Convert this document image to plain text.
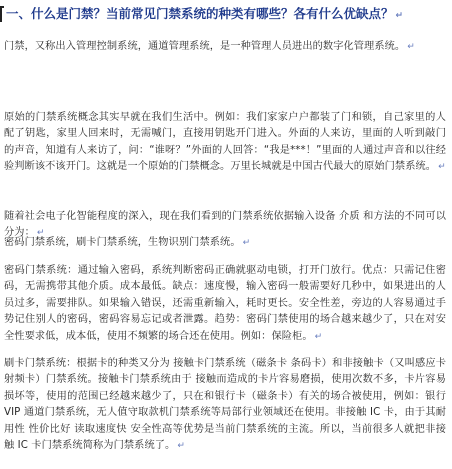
一、什么是门禁？当前常见门禁系统的种类有哪些？各有什么优缺点？ ↵
门禁，又称出入管理控制系统，通道管理系统，是一种管理人员进出的数字化管理系统。 ↵
原始的门禁系统概念其实早就在我们生活中。例如：我们家家户户都装了门和锁，自己家里的人配了钥匙，家里人回来时，无需喊门，直接用钥匙开门进入。外面的人来访，里面的人听到敲门的声音，知道有人来访了，问：“谁呀？”外面的人回答：“我是***！”里面的人通过声音和以往经验判断该不该开门。这就是一个原始的门禁概念。万里长城就是中国古代最大的原始门禁系统。 ↵
随着社会电子化智能程度的深入，现在我们看到的门禁系统依据输入设备 介质 和方法的不同可以分为： ↵
密码门禁系统，刷卡门禁系统，生物识别门禁系统。 ↵
密码门禁系统：通过输入密码，系统判断密码正确就驱动电锁，打开门放行。优点：只需记住密码，无需携带其他介质。成本最低。缺点：速度慢，输入密码一般需要好几秒中，如果进出的人员过多，需要排队。如果输入错误，还需重新输入，耗时更长。安全性差，旁边的人容易通过手势记住别人的密码，密码容易忘记或者泄露。趋势：密码门禁使用的场合越来越少了，只在对安全性要求低，成本低，使用不频繁的场合还在使用。例如：保险柜。 ↵
刷卡门禁系统：根据卡的种类又分为 接触卡门禁系统（磁条卡 条码卡）和非接触卡（又叫感应卡 射频卡）门禁系统。接触卡门禁系统由于 接触而造成的卡片容易磨损，使用次数不多，卡片容易损坏等，使用的范围已经越来越少了，只在和银行卡（磁条卡）有关的场合被使用，例如：银行 VIP 通道门禁系统，无人值守取款机门禁系统等局部行业领域还在使用。非接触 IC 卡，由于其耐用性 性价比好 读取速度快 安全性高等优势是当前门禁系统的主流。所以，当前很多人就把非接触 IC 卡门禁系统简称为门禁系统了。 ↵
